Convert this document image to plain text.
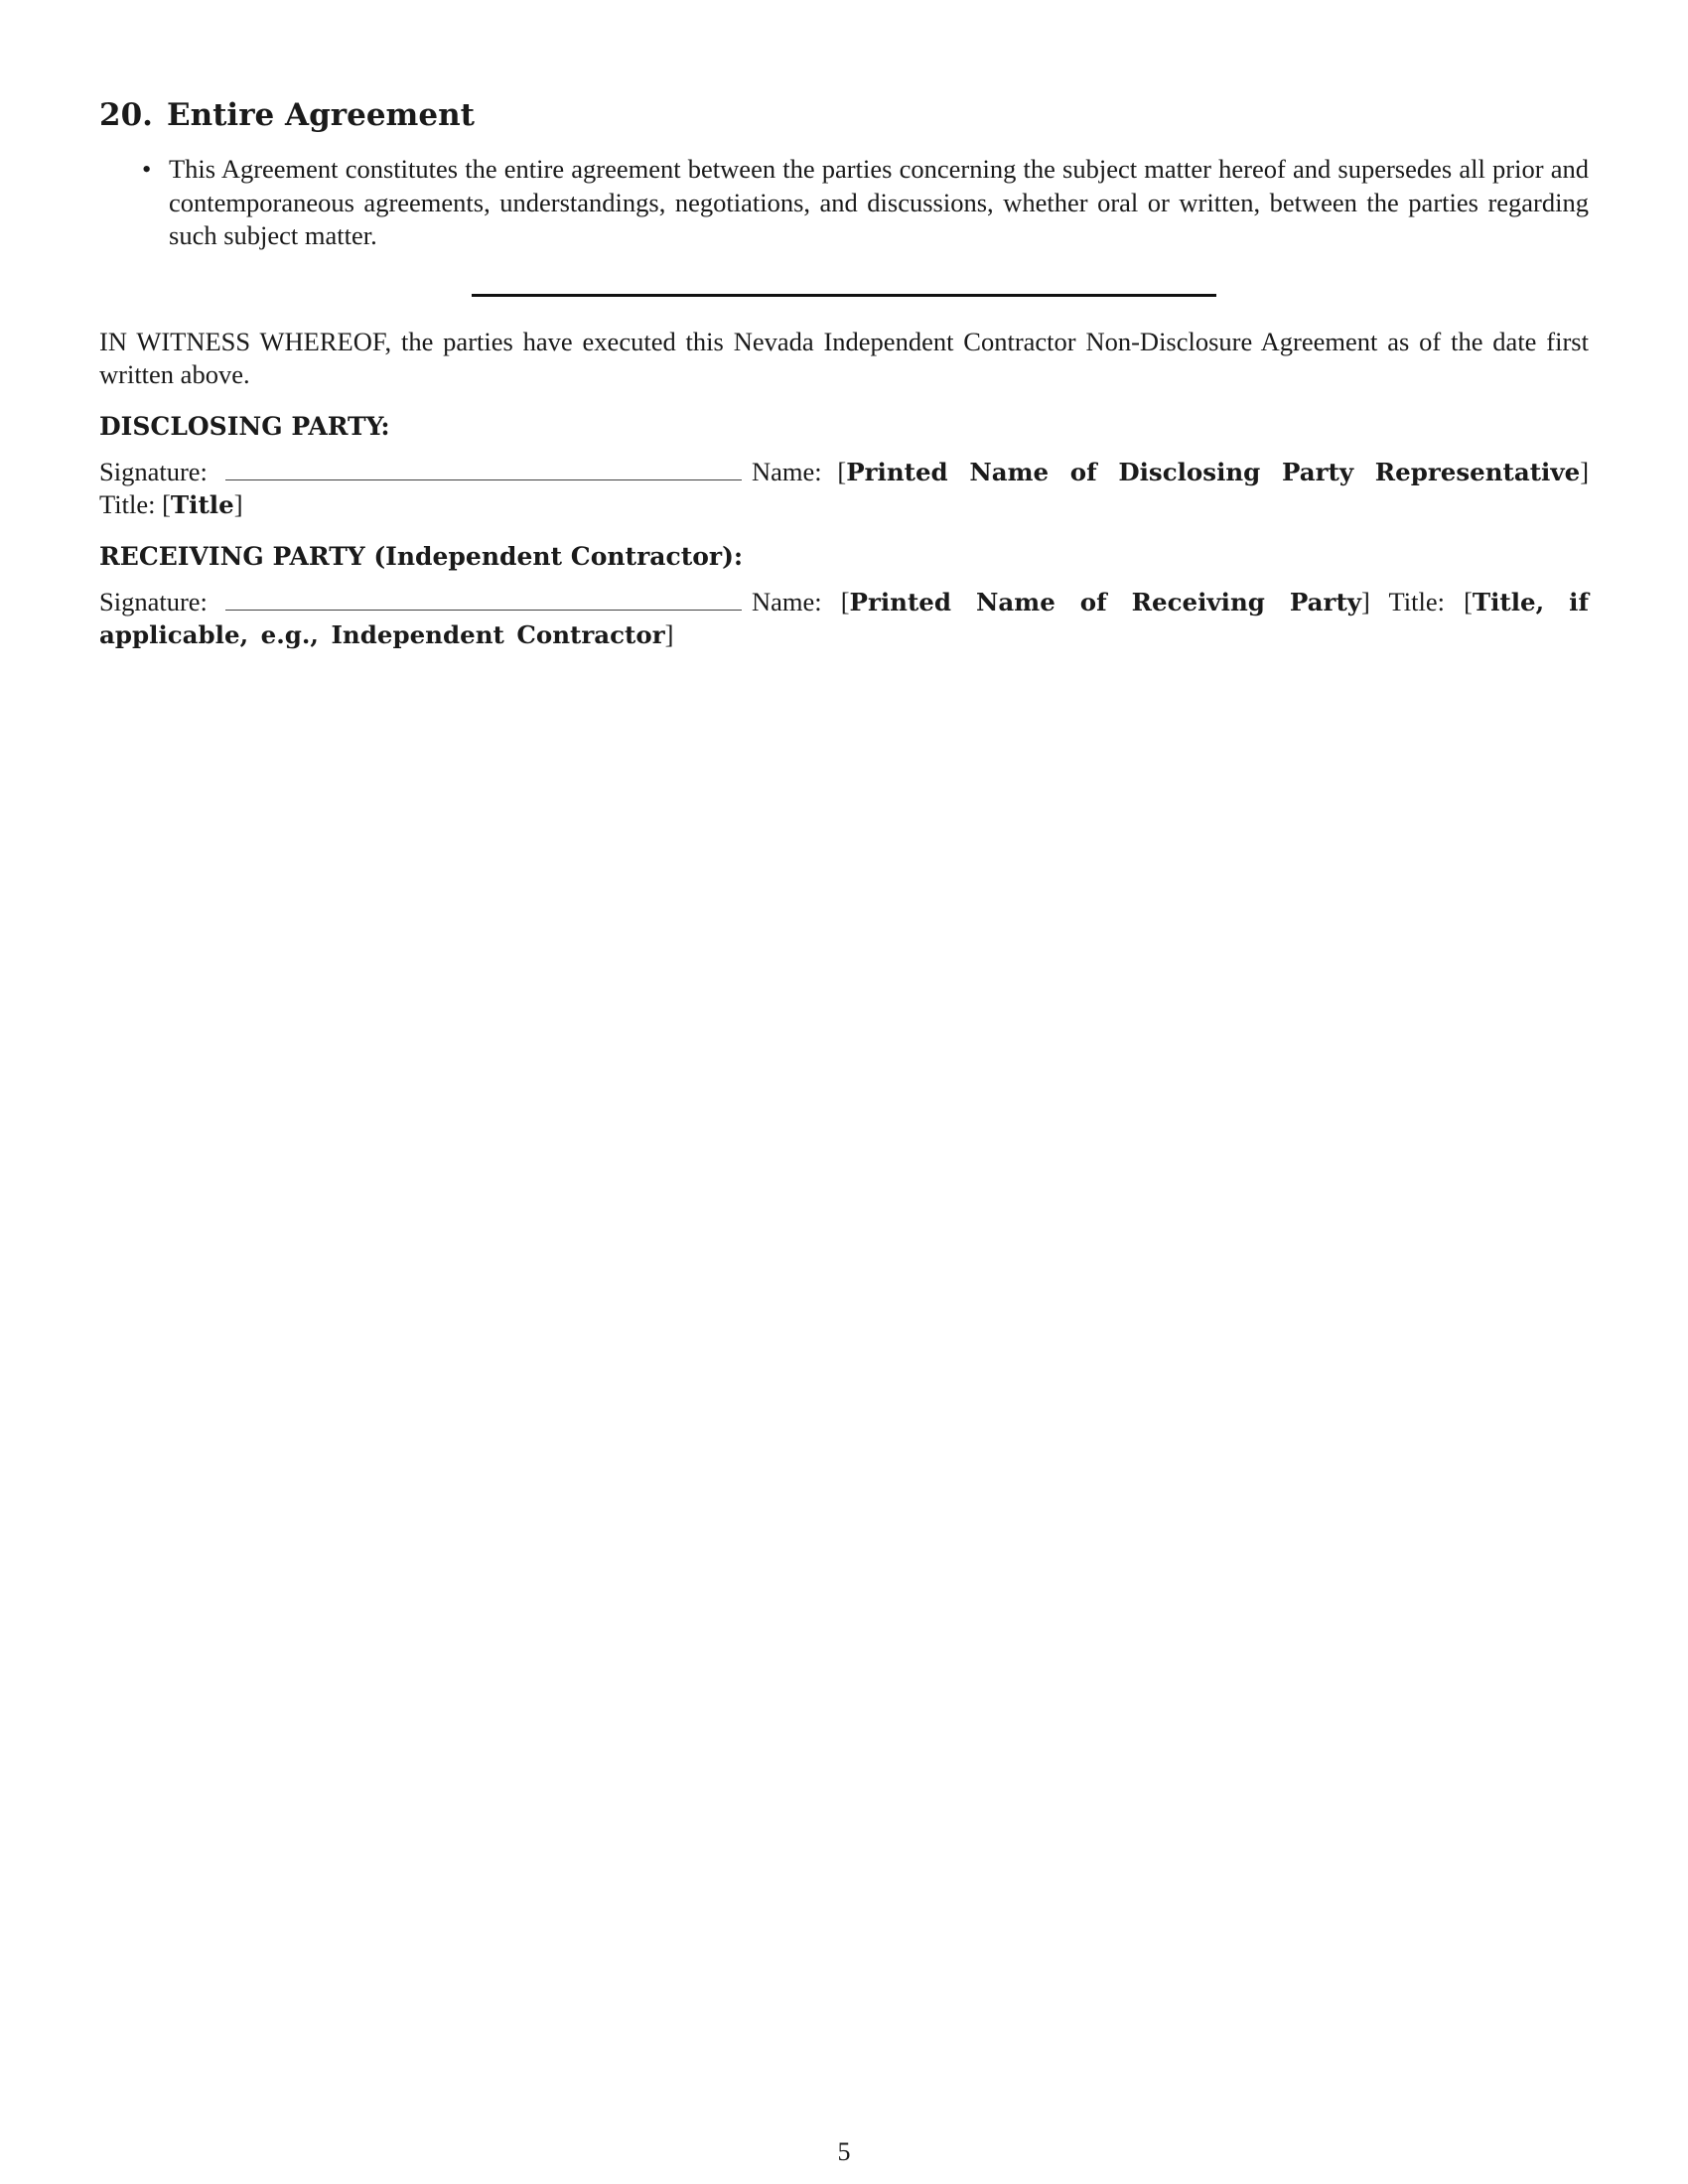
20. Entire Agreement
• This Agreement constitutes the entire agreement between the parties concerning the subject matter hereof and supersedes all prior and contemporaneous agreements, understandings, negotiations, and discussions, whether oral or written, between the parties regarding such subject matter.

IN WITNESS WHEREOF, the parties have executed this Nevada Independent Contractor Non-Disclosure Agreement as of the date first written above.

DISCLOSING PARTY:

Signature:	Name: [Printed Name of Disclosing Party Representative] Title: [Title]

RECEIVING PARTY (Independent Contractor):

Signature:	Name: [Printed Name of Receiving Party] Title: [Title, if applicable, e.g., Independent Contractor]

5
